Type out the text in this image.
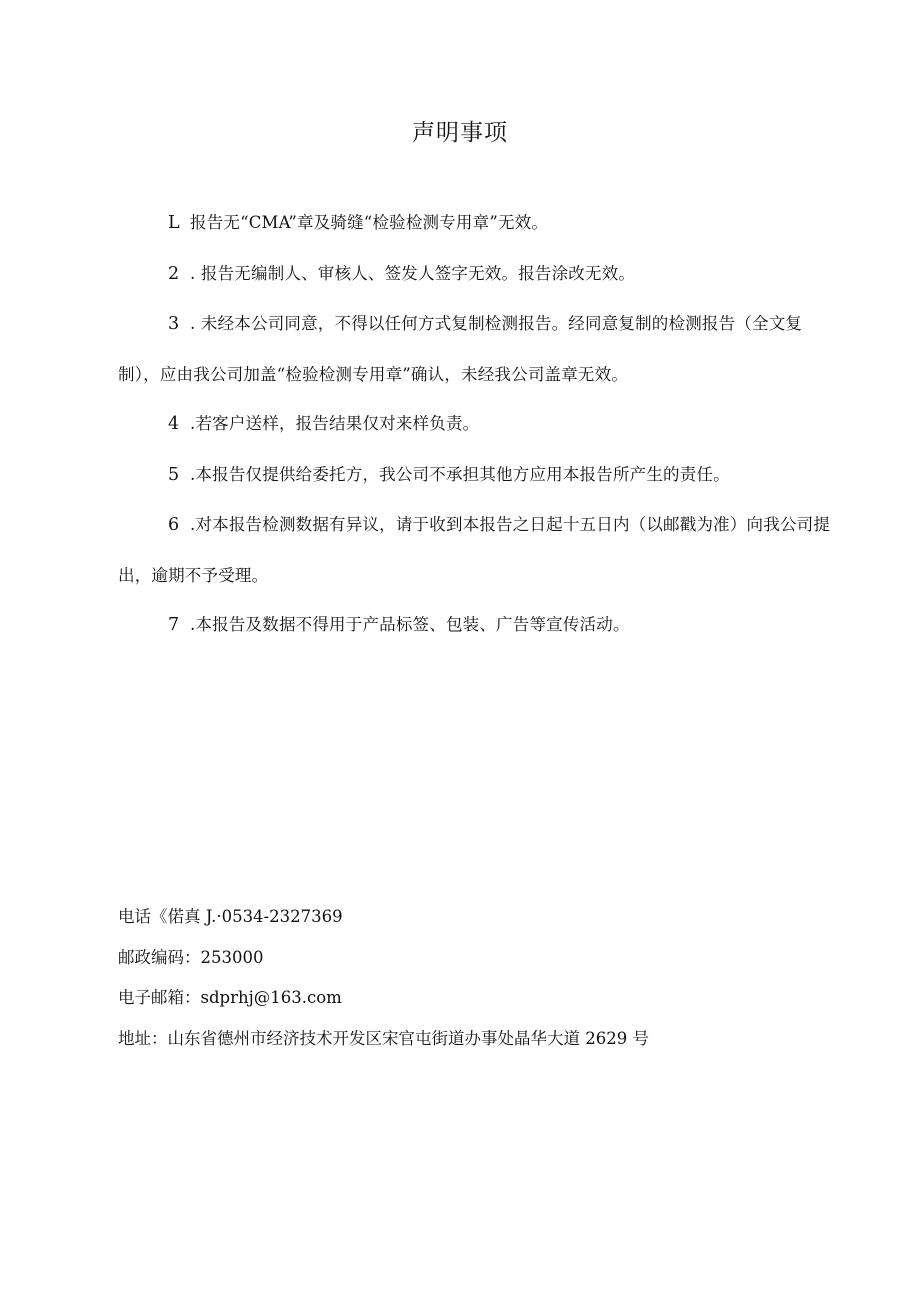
声明事项

L 报告无“CMA”章及骑缝“检验检测专用章”无效。

2 . 报告无编制人、审核人、签发人签字无效。报告涂改无效。

3 . 未经本公司同意，不得以任何方式复制检测报告。经同意复制的检测报告（全文复制），应由我公司加盖“检验检测专用章”确认，未经我公司盖章无效。

4 .若客户送样，报告结果仅对来样负责。

5 .本报告仅提供给委托方，我公司不承担其他方应用本报告所产生的责任。

6 .对本报告检测数据有异议，请于收到本报告之日起十五日内（以邮戳为准）向我公司提出，逾期不予受理。

7 .本报告及数据不得用于产品标签、包装、广告等宣传活动。

电话《偌真 J.·0534-2327369
邮政编码：253000
电子邮箱：sdprhj@163.com
地址：山东省德州市经济技术开发区宋官屯街道办事处晶华大道 2629 号
